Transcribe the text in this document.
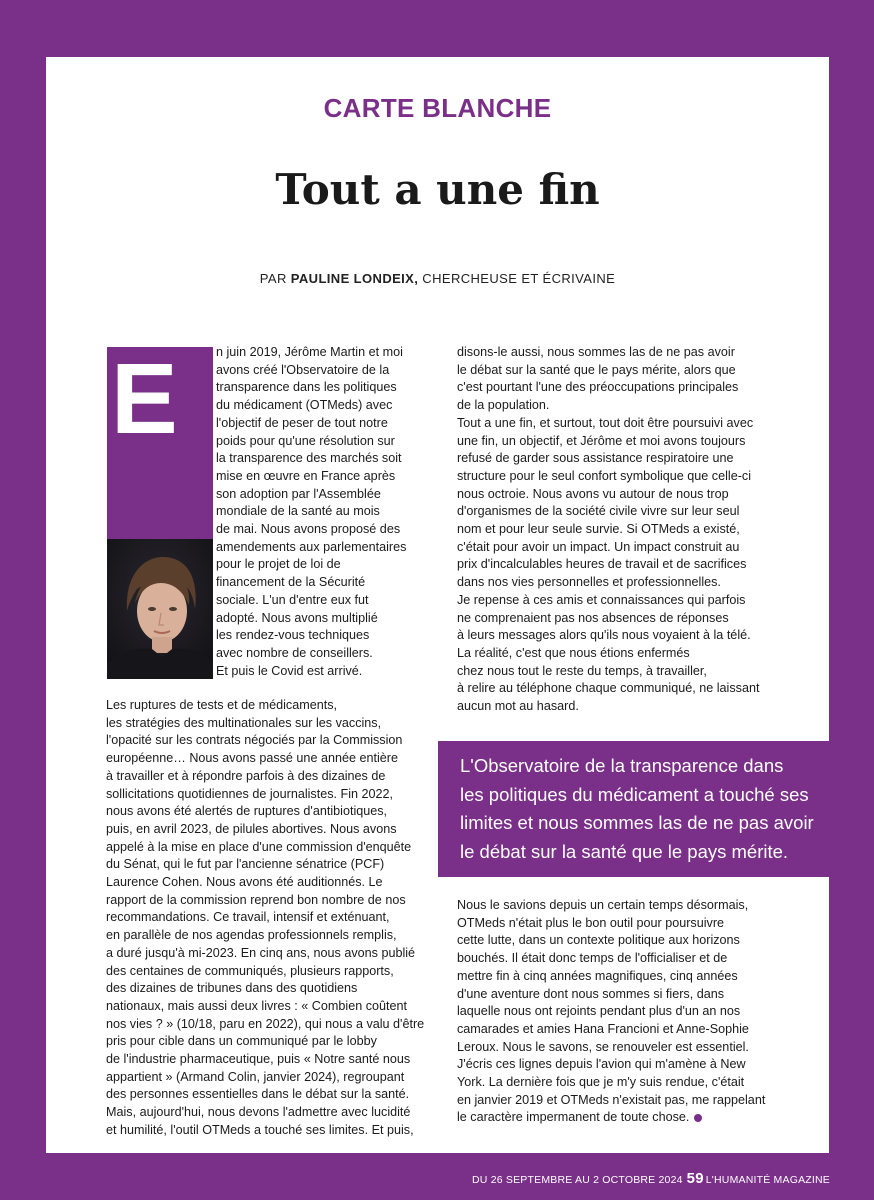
CARTE BLANCHE
Tout a une fin
PAR PAULINE LONDEIX, CHERCHEUSE ET ÉCRIVAINE
E	n juin 2019, Jérôme Martin et moi
avons créé l'Observatoire de la
transparence dans les politiques
du médicament (OTMeds) avec
l'objectif de peser de tout notre
poids pour qu'une résolution sur
la transparence des marchés soit
mise en œuvre en France après
son adoption par l'Assemblée
mondiale de la santé au mois
de mai. Nous avons proposé des
amendements aux parlementaires
pour le projet de loi de
financement de la Sécurité
sociale. L'un d'entre eux fut
adopté. Nous avons multiplié
les rendez-vous techniques
avec nombre de conseillers.
Et puis le Covid est arrivé.
Les ruptures de tests et de médicaments,
les stratégies des multinationales sur les vaccins,
l'opacité sur les contrats négociés par la Commission
européenne… Nous avons passé une année entière
à travailler et à répondre parfois à des dizaines de
sollicitations quotidiennes de journalistes. Fin 2022,
nous avons été alertés de ruptures d'antibiotiques,
puis, en avril 2023, de pilules abortives. Nous avons
appelé à la mise en place d'une commission d'enquête
du Sénat, qui le fut par l'ancienne sénatrice (PCF)
Laurence Cohen. Nous avons été auditionnés. Le
rapport de la commission reprend bon nombre de nos
recommandations. Ce travail, intensif et exténuant,
en parallèle de nos agendas professionnels remplis,
a duré jusqu'à mi-2023. En cinq ans, nous avons publié
des centaines de communiqués, plusieurs rapports,
des dizaines de tribunes dans des quotidiens
nationaux, mais aussi deux livres : « Combien coûtent
nos vies ? » (10/18, paru en 2022), qui nous a valu d'être
pris pour cible dans un communiqué par le lobby
de l'industrie pharmaceutique, puis « Notre santé nous
appartient » (Armand Colin, janvier 2024), regroupant
des personnes essentielles dans le débat sur la santé.
Mais, aujourd'hui, nous devons l'admettre avec lucidité
et humilité, l'outil OTMeds a touché ses limites. Et puis,
disons-le aussi, nous sommes las de ne pas avoir
le débat sur la santé que le pays mérite, alors que
c'est pourtant l'une des préoccupations principales
de la population.
Tout a une fin, et surtout, tout doit être poursuivi avec
une fin, un objectif, et Jérôme et moi avons toujours
refusé de garder sous assistance respiratoire une
structure pour le seul confort symbolique que celle-ci
nous octroie. Nous avons vu autour de nous trop
d'organismes de la société civile vivre sur leur seul
nom et pour leur seule survie. Si OTMeds a existé,
c'était pour avoir un impact. Un impact construit au
prix d'incalculables heures de travail et de sacrifices
dans nos vies personnelles et professionnelles.
Je repense à ces amis et connaissances qui parfois
ne comprenaient pas nos absences de réponses
à leurs messages alors qu'ils nous voyaient à la télé.
La réalité, c'est que nous étions enfermés
chez nous tout le reste du temps, à travailler,
à relire au téléphone chaque communiqué, ne laissant
aucun mot au hasard.
L'Observatoire de la transparence dans
les politiques du médicament a touché ses
limites et nous sommes las de ne pas avoir
le débat sur la santé que le pays mérite.
Nous le savions depuis un certain temps désormais,
OTMeds n'était plus le bon outil pour poursuivre
cette lutte, dans un contexte politique aux horizons
bouchés. Il était donc temps de l'officialiser et de
mettre fin à cinq années magnifiques, cinq années
d'une aventure dont nous sommes si fiers, dans
laquelle nous ont rejoints pendant plus d'un an nos
camarades et amies Hana Francioni et Anne-Sophie
Leroux. Nous le savons, se renouveler est essentiel.
J'écris ces lignes depuis l'avion qui m'amène à New
York. La dernière fois que je m'y suis rendue, c'était
en janvier 2019 et OTMeds n'existait pas, me rappelant
le caractère impermanent de toute chose.
DU 26 SEPTEMBRE AU 2 OCTOBRE 2024 59 L'HUMANITÉ MAGAZINE
